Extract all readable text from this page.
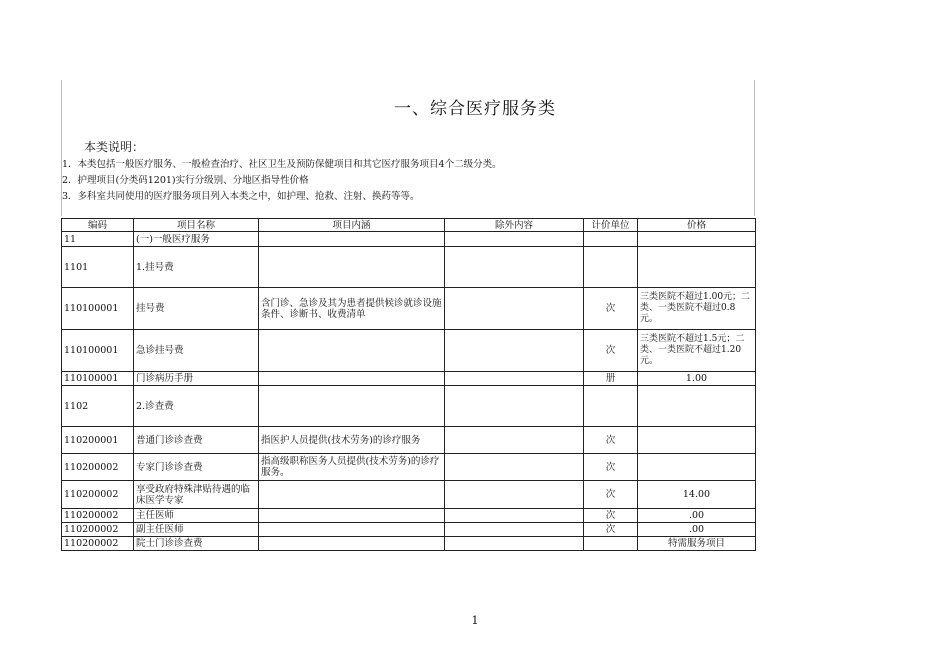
一、综合医疗服务类
本类说明：
1．本类包括一般医疗服务、一般检查治疗、社区卫生及预防保健项目和其它医疗服务项目4个二级分类。
2．护理项目(分类码1201)实行分级别、分地区指导性价格
3．多科室共同使用的医疗服务项目列入本类之中，如护理、抢救、注射、换药等等。
编码	项目名称	项目内涵	除外内容	计价单位	价格
11	(一)一般医疗服务				
1101	1.挂号费				
110100001	挂号费	含门诊、急诊及其为患者提供候诊就诊设施条件、诊断书、收费清单		次	三类医院不超过1.00元；二类、一类医院不超过0.8元。
110100001	急诊挂号费			次	三类医院不超过1.5元；二类、一类医院不超过1.20元。
110100001	门诊病历手册			册	1.00
1102	2.诊查费				
110200001	普通门诊诊查费	指医护人员提供(技术劳务)的诊疗服务		次	
110200002	专家门诊诊查费	指高级职称医务人员提供(技术劳务)的诊疗服务。		次	
110200002	享受政府特殊津贴待遇的临床医学专家			次	14.00
110200002	主任医师			次	.00
110200002	副主任医师			次	.00
110200002	院士门诊诊查费				特需服务项目
1
